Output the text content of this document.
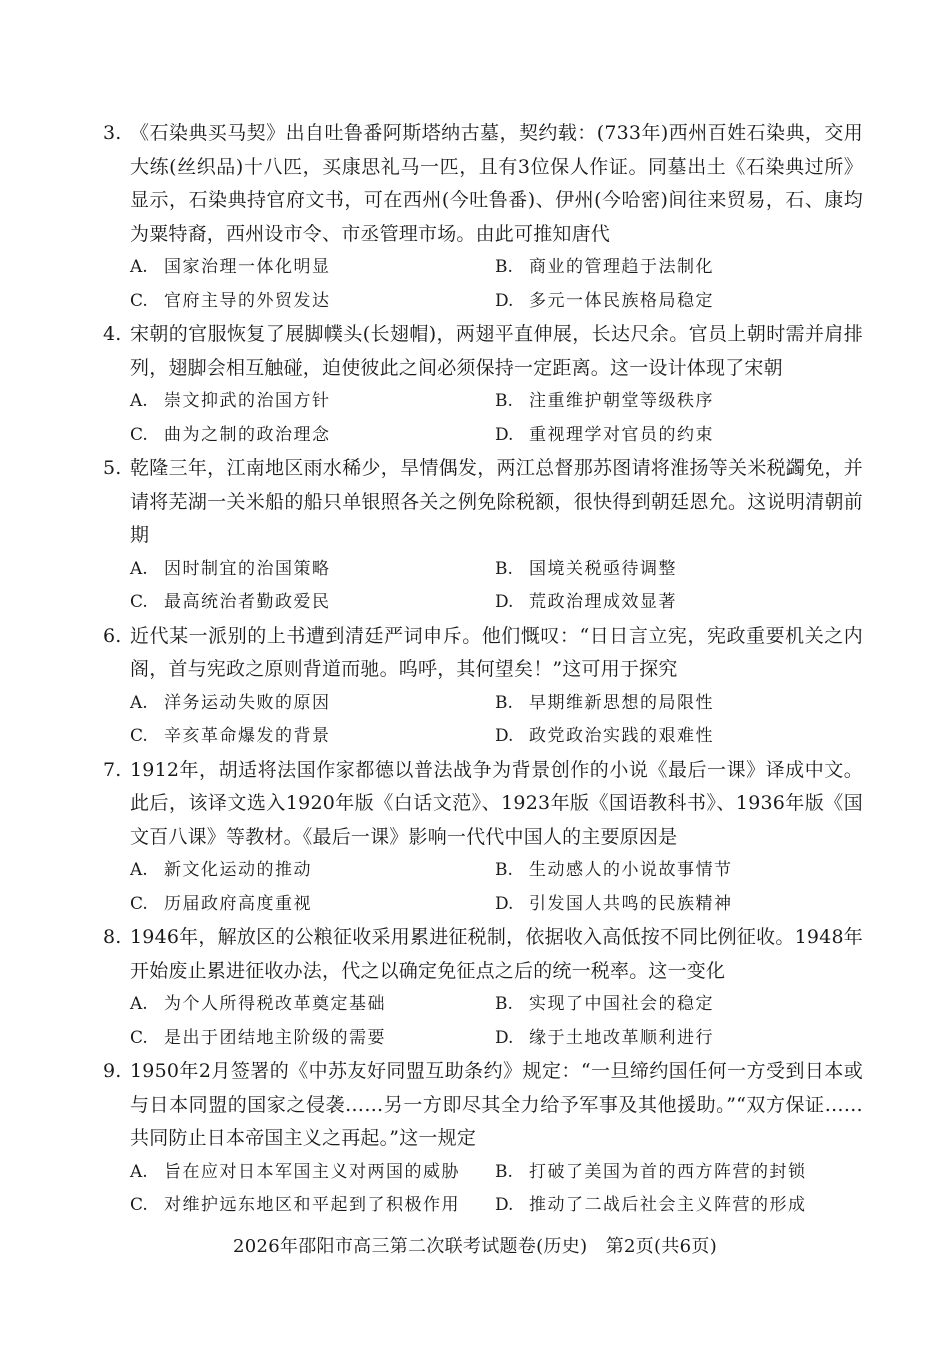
3. 《石染典买马契》出自吐鲁番阿斯塔纳古墓，契约载：(733年)西州百姓石染典，交用大练(丝织品)十八匹，买康思礼马一匹，且有3位保人作证。同墓出土《石染典过所》显示，石染典持官府文书，可在西州(今吐鲁番)、伊州(今哈密)间往来贸易，石、康均为粟特裔，西州设市令、市丞管理市场。由此可推知唐代
A. 国家治理一体化明显	B. 商业的管理趋于法制化
C. 官府主导的外贸发达	D. 多元一体民族格局稳定
4. 宋朝的官服恢复了展脚幞头(长翅帽)，两翅平直伸展，长达尺余。官员上朝时需并肩排列，翅脚会相互触碰，迫使彼此之间必须保持一定距离。这一设计体现了宋朝
A. 崇文抑武的治国方针	B. 注重维护朝堂等级秩序
C. 曲为之制的政治理念	D. 重视理学对官员的约束
5. 乾隆三年，江南地区雨水稀少，旱情偶发，两江总督那苏图请将淮扬等关米税蠲免，并请将芜湖一关米船的船只单银照各关之例免除税额，很快得到朝廷恩允。这说明清朝前期
A. 因时制宜的治国策略	B. 国境关税亟待调整
C. 最高统治者勤政爱民	D. 荒政治理成效显著
6. 近代某一派别的上书遭到清廷严词申斥。他们慨叹：“日日言立宪，宪政重要机关之内阁，首与宪政之原则背道而驰。呜呼，其何望矣！”这可用于探究
A. 洋务运动失败的原因	B. 早期维新思想的局限性
C. 辛亥革命爆发的背景	D. 政党政治实践的艰难性
7. 1912年，胡适将法国作家都德以普法战争为背景创作的小说《最后一课》译成中文。此后，该译文选入1920年版《白话文范》、1923年版《国语教科书》、1936年版《国文百八课》等教材。《最后一课》影响一代代中国人的主要原因是
A. 新文化运动的推动	B. 生动感人的小说故事情节
C. 历届政府高度重视	D. 引发国人共鸣的民族精神
8. 1946年，解放区的公粮征收采用累进征税制，依据收入高低按不同比例征收。1948年开始废止累进征收办法，代之以确定免征点之后的统一税率。这一变化
A. 为个人所得税改革奠定基础	B. 实现了中国社会的稳定
C. 是出于团结地主阶级的需要	D. 缘于土地改革顺利进行
9. 1950年2月签署的《中苏友好同盟互助条约》规定：“一旦缔约国任何一方受到日本或与日本同盟的国家之侵袭……另一方即尽其全力给予军事及其他援助。”“双方保证……共同防止日本帝国主义之再起。”这一规定
A. 旨在应对日本军国主义对两国的威胁	B. 打破了美国为首的西方阵营的封锁
C. 对维护远东地区和平起到了积极作用	D. 推动了二战后社会主义阵营的形成
2026年邵阳市高三第二次联考试题卷(历史)　第2页(共6页)
